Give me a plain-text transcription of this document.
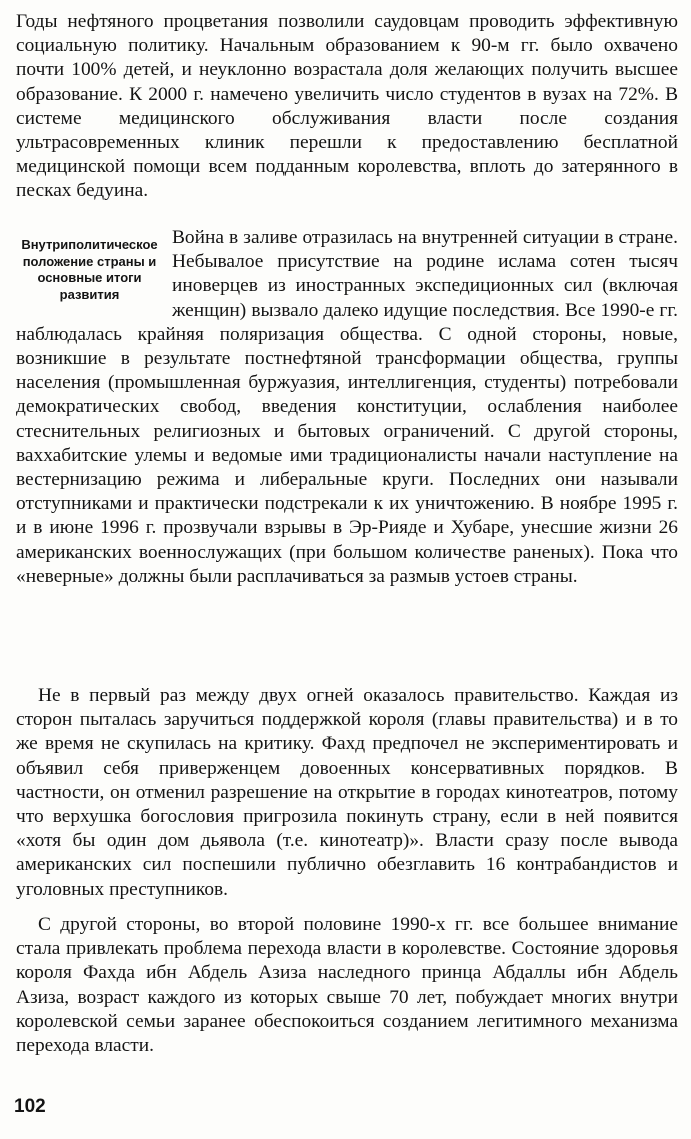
Годы нефтяного процветания позволили саудовцам проводить эффективную социальную политику. Начальным образованием к 90-м гг. было охвачено почти 100% детей, и неуклонно возрастала доля желающих получить высшее образование. К 2000 г. намечено увеличить число студентов в вузах на 72%. В системе медицинского обслуживания власти после создания ультрасовременных клиник перешли к предоставлению бесплатной медицинской помощи всем подданным королевства, вплоть до затерянного в песках бедуина.

Внутриполитическое положение страны и основные итоги развития
Война в заливе отразилась на внутренней ситуации в стране. Небывалое присутствие на родине ислама сотен тысяч иноверцев из иностранных экспедиционных сил (включая женщин) вызвало далеко идущие последствия. Все 1990-е гг. наблюдалась крайняя поляризация общества. С одной стороны, новые, возникшие в результате постнефтяной трансформации общества, группы населения (промышленная буржуазия, интеллигенция, студенты) потребовали демократических свобод, введения конституции, ослабления наиболее стеснительных религиозных и бытовых ограничений. С другой стороны, ваххабитские улемы и ведомые ими традиционалисты начали наступление на вестернизацию режима и либеральные круги. Последних они называли отступниками и практически подстрекали к их уничтожению. В ноябре 1995 г. и в июне 1996 г. прозвучали взрывы в Эр-Рияде и Хубаре, унесшие жизни 26 американских военнослужащих (при большом количестве раненых). Пока что «неверные» должны были расплачиваться за размыв устоев страны.

Не в первый раз между двух огней оказалось правительство. Каждая из сторон пыталась заручиться поддержкой короля (главы правительства) и в то же время не скупилась на критику. Фахд предпочел не экспериментировать и объявил себя приверженцем довоенных консервативных порядков. В частности, он отменил разрешение на открытие в городах кинотеатров, потому что верхушка богословия пригрозила покинуть страну, если в ней появится «хотя бы один дом дьявола (т.е. кинотеатр)». Власти сразу после вывода американских сил поспешили публично обезглавить 16 контрабандистов и уголовных преступников.

С другой стороны, во второй половине 1990-х гг. все большее внимание стала привлекать проблема перехода власти в королевстве. Состояние здоровья короля Фахда ибн Абдель Азиза наследного принца Абдаллы ибн Абдель Азиза, возраст каждого из которых свыше 70 лет, побуждает многих внутри королевской семьи заранее обеспокоиться созданием легитимного механизма перехода власти.

102
